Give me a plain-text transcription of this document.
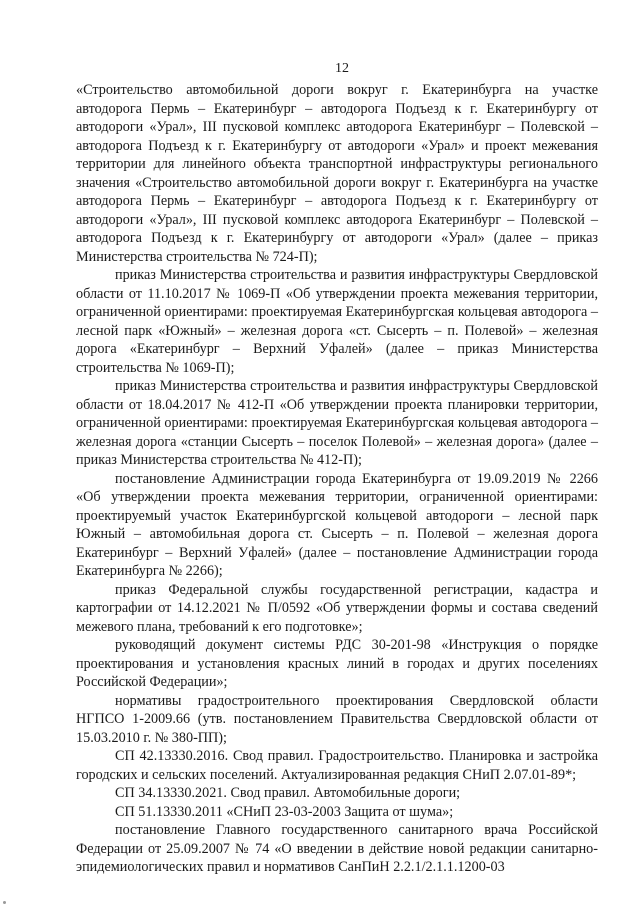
12

«Строительство автомобильной дороги вокруг г. Екатеринбурга на участке автодорога Пермь – Екатеринбург – автодорога Подъезд к г. Екатеринбургу от автодороги «Урал», III пусковой комплекс автодорога Екатеринбург – Полевской – автодорога Подъезд к г. Екатеринбургу от автодороги «Урал» и проект межевания территории для линейного объекта транспортной инфраструктуры регионального значения «Строительство автомобильной дороги вокруг г. Екатеринбурга на участке автодорога Пермь – Екатеринбург – автодорога Подъезд к г. Екатеринбургу от автодороги «Урал», III пусковой комплекс автодорога Екатеринбург – Полевской – автодорога Подъезд к г. Екатеринбургу от автодороги «Урал» (далее – приказ Министерства строительства № 724-П);

приказ Министерства строительства и развития инфраструктуры Свердловской области от 11.10.2017 № 1069-П «Об утверждении проекта межевания территории, ограниченной ориентирами: проектируемая Екатеринбургская кольцевая автодорога – лесной парк «Южный» – железная дорога «ст. Сысерть – п. Полевой» – железная дорога «Екатеринбург – Верхний Уфалей» (далее – приказ Министерства строительства № 1069-П);

приказ Министерства строительства и развития инфраструктуры Свердловской области от 18.04.2017 № 412-П «Об утверждении проекта планировки территории, ограниченной ориентирами: проектируемая Екатеринбургская кольцевая автодорога – железная дорога «станции Сысерть – поселок Полевой» – железная дорога» (далее – приказ Министерства строительства № 412-П);

постановление Администрации города Екатеринбурга от 19.09.2019 № 2266 «Об утверждении проекта межевания территории, ограниченной ориентирами: проектируемый участок Екатеринбургской кольцевой автодороги – лесной парк Южный – автомобильная дорога ст. Сысерть – п. Полевой – железная дорога Екатеринбург – Верхний Уфалей» (далее – постановление Администрации города Екатеринбурга № 2266);

приказ Федеральной службы государственной регистрации, кадастра и картографии от 14.12.2021 № П/0592 «Об утверждении формы и состава сведений межевого плана, требований к его подготовке»;

руководящий документ системы РДС 30-201-98 «Инструкция о порядке проектирования и установления красных линий в городах и других поселениях Российской Федерации»;

нормативы градостроительного проектирования Свердловской области НГПСО 1-2009.66 (утв. постановлением Правительства Свердловской области от 15.03.2010 г. № 380-ПП);

СП 42.13330.2016. Свод правил. Градостроительство. Планировка и застройка городских и сельских поселений. Актуализированная редакция СНиП 2.07.01-89*;

СП 34.13330.2021. Свод правил. Автомобильные дороги;

СП 51.13330.2011 «СНиП 23-03-2003 Защита от шума»;

постановление Главного государственного санитарного врача Российской Федерации от 25.09.2007 № 74 «О введении в действие новой редакции санитарно-эпидемиологических правил и нормативов СанПиН 2.2.1/2.1.1.1200-03
